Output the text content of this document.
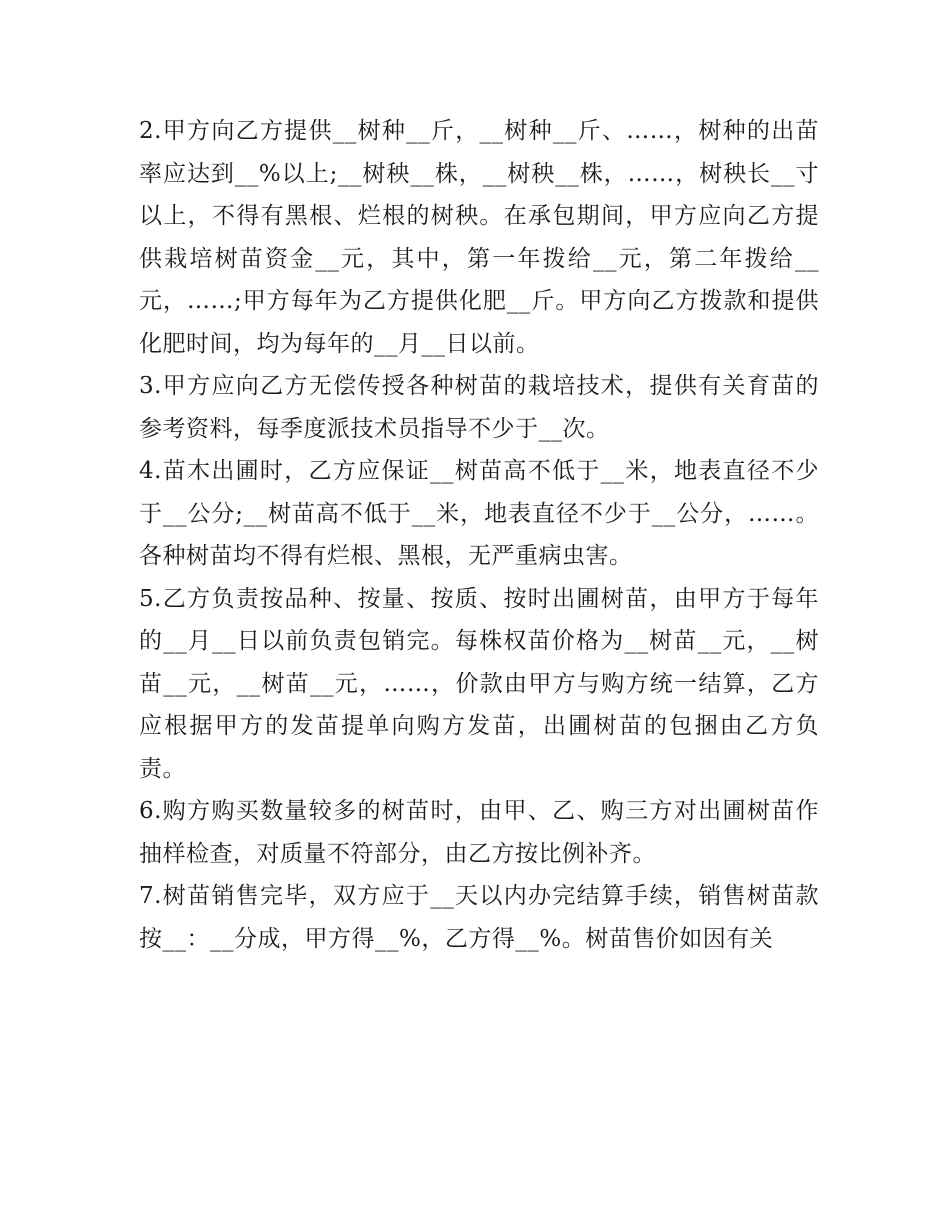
2.甲方向乙方提供__树种__斤，__树种__斤、……，树种的出苗率应达到__%以上;__树秧__株，__树秧__株，……，树秧长__寸以上，不得有黑根、烂根的树秧。在承包期间，甲方应向乙方提供栽培树苗资金__元，其中，第一年拨给__元，第二年拨给__元，……;甲方每年为乙方提供化肥__斤。甲方向乙方拨款和提供化肥时间，均为每年的__月__日以前。

3.甲方应向乙方无偿传授各种树苗的栽培技术，提供有关育苗的参考资料，每季度派技术员指导不少于__次。

4.苗木出圃时，乙方应保证__树苗高不低于__米，地表直径不少于__公分;__树苗高不低于__米，地表直径不少于__公分，……。各种树苗均不得有烂根、黑根，无严重病虫害。

5.乙方负责按品种、按量、按质、按时出圃树苗，由甲方于每年的__月__日以前负责包销完。每株权苗价格为__树苗__元，__树苗__元，__树苗__元，……，价款由甲方与购方统一结算，乙方应根据甲方的发苗提单向购方发苗，出圃树苗的包捆由乙方负责。

6.购方购买数量较多的树苗时，由甲、乙、购三方对出圃树苗作抽样检查，对质量不符部分，由乙方按比例补齐。

7.树苗销售完毕，双方应于__天以内办完结算手续，销售树苗款按__：__分成，甲方得__%，乙方得__%。树苗售价如因有关
